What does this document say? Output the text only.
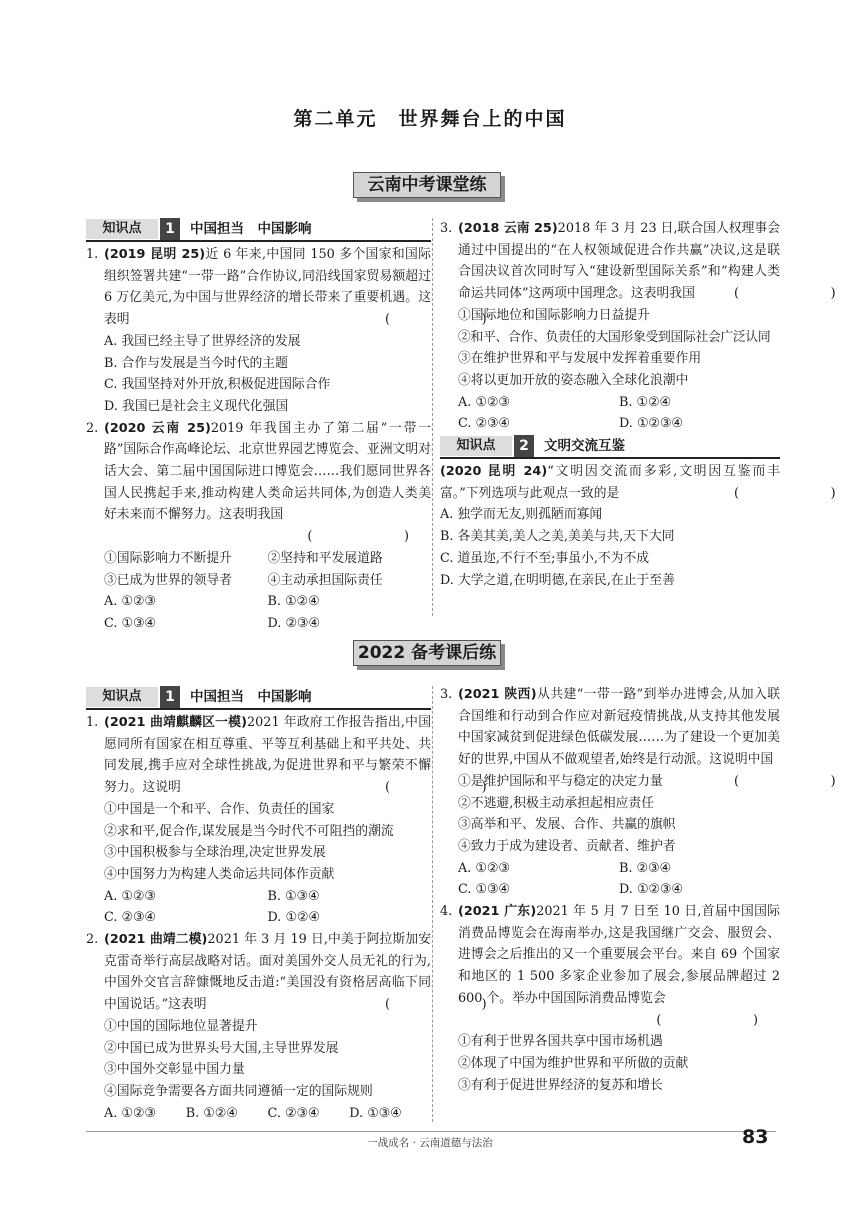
第二单元　世界舞台上的中国
云南中考课堂练
知识点	1	中国担当　中国影响
1. (2019 昆明 25)近 6 年来,中国同 150 多个国家和国际组织签署共建“一带一路”合作协议,同沿线国家贸易额超过 6 万亿美元,为中国与世界经济的增长带来了重要机遇。这表明	(　　)
A. 我国已经主导了世界经济的发展
B. 合作与发展是当今时代的主题
C. 我国坚持对外开放,积极促进国际合作
D. 我国已是社会主义现代化强国
2. (2020 云南 25)2019 年我国主办了第二届“一带一路”国际合作高峰论坛、北京世界园艺博览会、亚洲文明对话大会、第二届中国国际进口博览会……我们愿同世界各国人民携起手来,推动构建人类命运共同体,为创造人类美好未来而不懈努力。这表明我国
(　　)
①国际影响力不断提升	②坚持和平发展道路
③已成为世界的领导者	④主动承担国际责任
A. ①②③	B. ①②④
C. ①③④	D. ②③④
3. (2018 云南 25)2018 年 3 月 23 日,联合国人权理事会通过中国提出的“在人权领域促进合作共赢”决议,这是联合国决议首次同时写入“建设新型国际关系”和“构建人类命运共同体”这两项中国理念。这表明我国	(　　)
①国际地位和国际影响力日益提升
②和平、合作、负责任的大国形象受到国际社会广泛认同
③在维护世界和平与发展中发挥着重要作用
④将以更加开放的姿态融入全球化浪潮中
A. ①②③	B. ①②④
C. ②③④	D. ①②③④
知识点	2	文明交流互鉴
(2020 昆明 24)“文明因交流而多彩,文明因互鉴而丰富。”下列选项与此观点一致的是	(　　)
A. 独学而无友,则孤陋而寡闻
B. 各美其美,美人之美,美美与共,天下大同
C. 道虽迩,不行不至;事虽小,不为不成
D. 大学之道,在明明德,在亲民,在止于至善
2022 备考课后练
知识点	1	中国担当　中国影响
1. (2021 曲靖麒麟区一模)2021 年政府工作报告指出,中国愿同所有国家在相互尊重、平等互利基础上和平共处、共同发展,携手应对全球性挑战,为促进世界和平与繁荣不懈努力。这说明	(　　)
①中国是一个和平、合作、负责任的国家
②求和平,促合作,谋发展是当今时代不可阻挡的潮流
③中国积极参与全球治理,决定世界发展
④中国努力为构建人类命运共同体作贡献
A. ①②③	B. ①③④
C. ②③④	D. ①②④
2. (2021 曲靖二模)2021 年 3 月 19 日,中美于阿拉斯加安克雷奇举行高层战略对话。面对美国外交人员无礼的行为,中国外交官言辞慷慨地反击道:“美国没有资格居高临下同中国说话。”这表明	(　　)
①中国的国际地位显著提升
②中国已成为世界头号大国,主导世界发展
③中国外交彰显中国力量
④国际竞争需要各方面共同遵循一定的国际规则
A. ①②③	B. ①②④	C. ②③④	D. ①③④
3. (2021 陕西)从共建“一带一路”到举办进博会,从加入联合国维和行动到合作应对新冠疫情挑战,从支持其他发展中国家减贫到促进绿色低碳发展……为了建设一个更加美好的世界,中国从不做观望者,始终是行动派。这说明中国
(　　)
①是维护国际和平与稳定的决定力量
②不逃避,积极主动承担起相应责任
③高举和平、发展、合作、共赢的旗帜
④致力于成为建设者、贡献者、维护者
A. ①②③	B. ②③④
C. ①③④	D. ①②③④
4. (2021 广东)2021 年 5 月 7 日至 10 日,首届中国国际消费品博览会在海南举办,这是我国继广交会、服贸会、进博会之后推出的又一个重要展会平台。来自 69 个国家和地区的 1 500 多家企业参加了展会,参展品牌超过 2 600 个。举办中国国际消费品博览会
(　　)
①有利于世界各国共享中国市场机遇
②体现了中国为维护世界和平所做的贡献
③有利于促进世界经济的复苏和增长
一战成名 · 云南道德与法治	83
